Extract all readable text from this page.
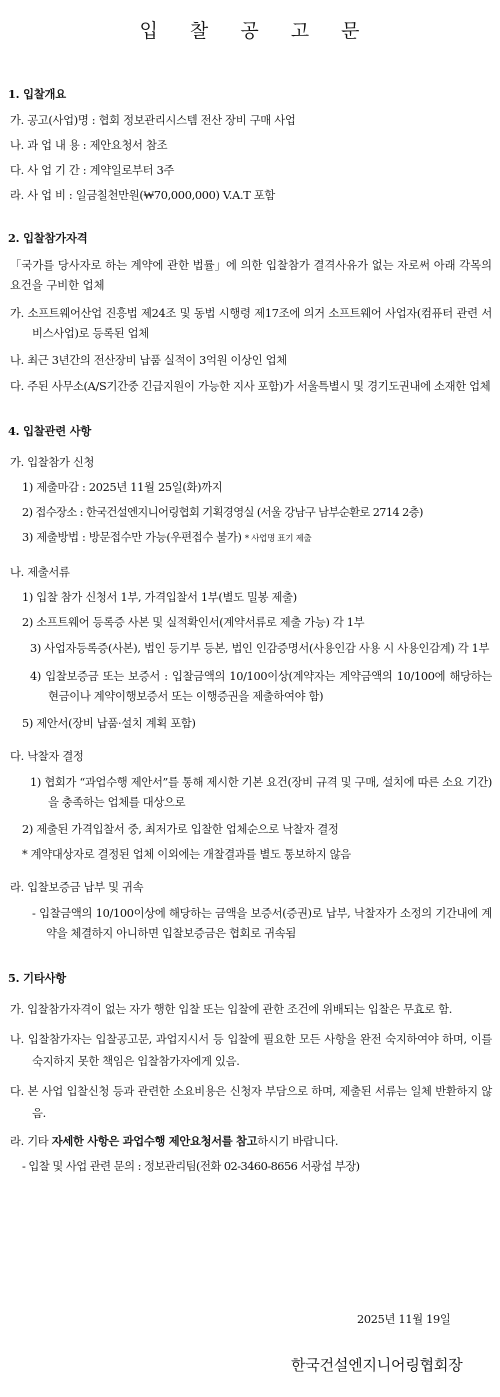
입 찰 공 고 문
1. 입찰개요
가. 공고(사업)명 : 협회 정보관리시스템 전산 장비 구매 사업
나. 과 업 내 용 : 제안요청서 참조
다. 사 업 기 간 : 계약일로부터 3주
라. 사 업 비 : 일금칠천만원(₩70,000,000) V.A.T 포함
2. 입찰참가자격
「국가를 당사자로 하는 계약에 관한 법률」에 의한 입찰참가 결격사유가 없는 자로써 아래 각목의 요건을 구비한 업체
가. 소프트웨어산업 진흥법 제24조 및 동법 시행령 제17조에 의거 소프트웨어 사업자(컴퓨터 관련 서비스사업)로 등록된 업체
나. 최근 3년간의 전산장비 납품 실적이 3억원 이상인 업체
다. 주된 사무소(A/S기간중 긴급지원이 가능한 지사 포함)가 서울특별시 및 경기도권내에 소재한 업체
4. 입찰관련 사항
가. 입찰참가 신청
1) 제출마감 : 2025년 11월 25일(화)까지
2) 접수장소 : 한국건설엔지니어링협회 기획경영실 (서울 강남구 남부순환로 2714 2층)
3) 제출방법 : 방문접수만 가능(우편접수 불가) * 사업명 표기 제출
나. 제출서류
1) 입찰 참가 신청서 1부, 가격입찰서 1부(별도 밀봉 제출)
2) 소프트웨어 등록증 사본 및 실적확인서(계약서류로 제출 가능) 각 1부
3) 사업자등록증(사본), 법인 등기부 등본, 법인 인감증명서(사용인감 사용 시 사용인감계) 각 1부
4) 입찰보증금 또는 보증서 : 입찰금액의 10/100이상(계약자는 계약금액의 10/100에 해당하는 현금이나 계약이행보증서 또는 이행증권을 제출하여야 함)
5) 제안서(장비 납품·설치 계획 포함)
다. 낙찰자 결정
1) 협회가 “과업수행 제안서”를 통해 제시한 기본 요건(장비 규격 및 구매, 설치에 따른 소요 기간)을 충족하는 업체를 대상으로
2) 제출된 가격입찰서 중, 최저가로 입찰한 업체순으로 낙찰자 결정
* 계약대상자로 결정된 업체 이외에는 개찰결과를 별도 통보하지 않음
라. 입찰보증금 납부 및 귀속
- 입찰금액의 10/100이상에 해당하는 금액을 보증서(증권)로 납부, 낙찰자가 소정의 기간내에 계약을 체결하지 아니하면 입찰보증금은 협회로 귀속됨
5. 기타사항
가. 입찰참가자격이 없는 자가 행한 입찰 또는 입찰에 관한 조건에 위배되는 입찰은 무효로 함.
나. 입찰참가자는 입찰공고문, 과업지시서 등 입찰에 필요한 모든 사항을 완전 숙지하여야 하며, 이를 숙지하지 못한 책임은 입찰참가자에게 있음.
다. 본 사업 입찰신청 등과 관련한 소요비용은 신청자 부담으로 하며, 제출된 서류는 일체 반환하지 않음.
라. 기타 자세한 사항은 과업수행 제안요청서를 참고하시기 바랍니다.
- 입찰 및 사업 관련 문의 : 정보관리팀(전화 02-3460-8656 서광섭 부장)
2025년 11월 19일
한국건설엔지니어링협회장
